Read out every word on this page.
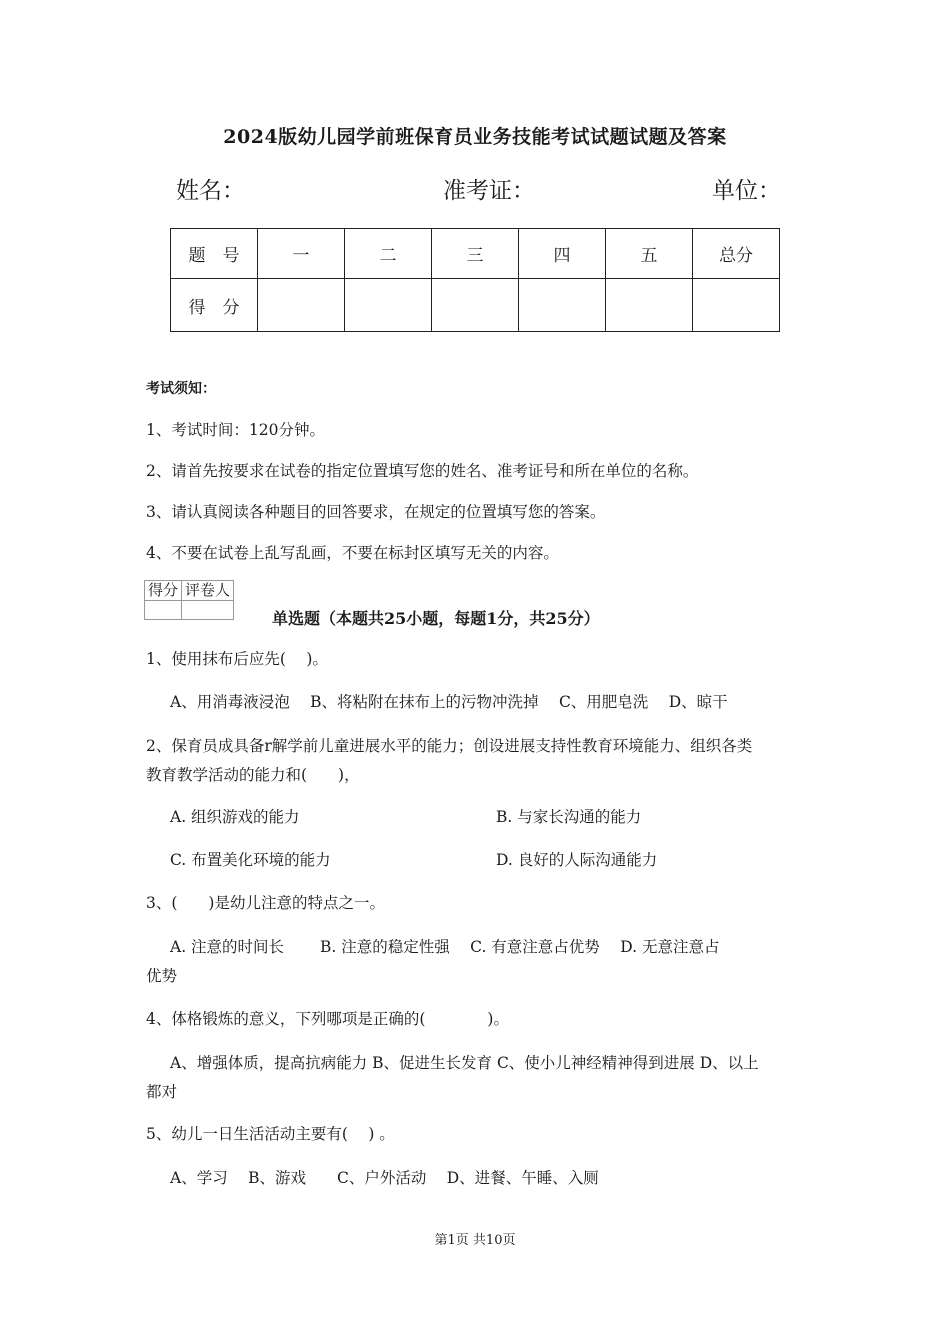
2024版幼儿园学前班保育员业务技能考试试题试题及答案
姓名：	准考证：	单位：
题　号	一	二	三	四	五	总分
得　分						
考试须知：
1、考试时间：120分钟。
2、请首先按要求在试卷的指定位置填写您的姓名、准考证号和所在单位的名称。
3、请认真阅读各种题目的回答要求，在规定的位置填写您的答案。
4、不要在试卷上乱写乱画，不要在标封区填写无关的内容。
得分	评卷人

单选题（本题共25小题，每题1分，共25分）
1、使用抹布后应先(　 )。
A、用消毒液浸泡　 B、将粘附在抹布上的污物冲洗掉　 C、用肥皂洗　 D、晾干
2、保育员成具备r解学前儿童进展水平的能力；创设进展支持性教育环境能力、组织各类
教育教学活动的能力和(　　)，
A. 组织游戏的能力	B. 与家长沟通的能力
C. 布置美化环境的能力	D. 良好的人际沟通能力
3、(　　)是幼儿注意的特点之一。
A. 注意的时间长　　 B. 注意的稳定性强　 C. 有意注意占优势　 D. 无意注意占
优势
4、体格锻炼的意义，下列哪项是正确的(　　　　)。
A、增强体质，提高抗病能力 B、促进生长发育 C、使小儿神经精神得到进展 D、以上
都对
5、幼儿一日生活活动主要有(　 ) 。
A、学习　 B、游戏　　C、户外活动　 D、进餐、午睡、入厕
第1页 共10页
